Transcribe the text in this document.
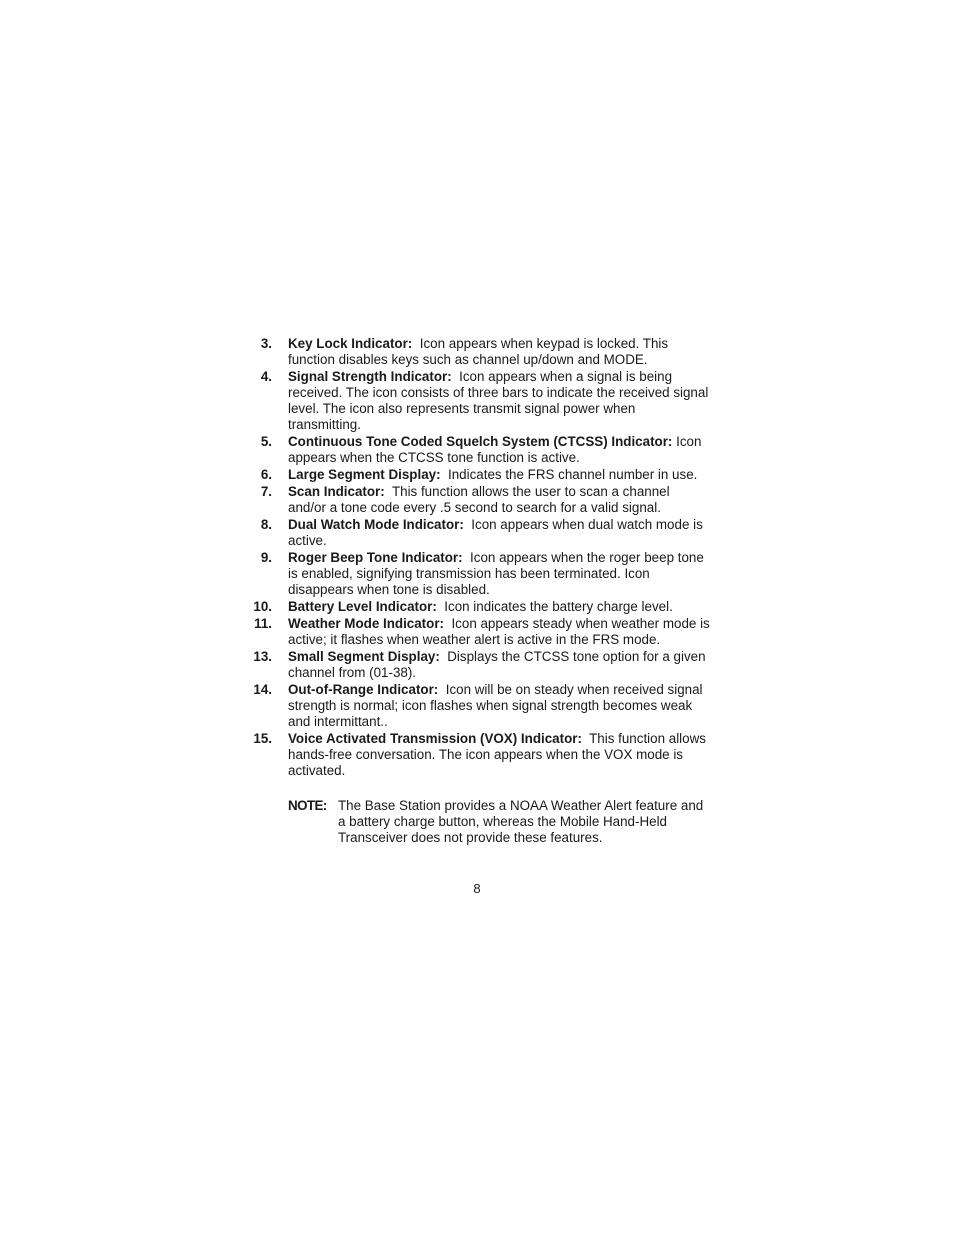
3. Key Lock Indicator: Icon appears when keypad is locked. This function disables keys such as channel up/down and MODE.
4. Signal Strength Indicator: Icon appears when a signal is being received. The icon consists of three bars to indicate the received signal level. The icon also represents transmit signal power when transmitting.
5. Continuous Tone Coded Squelch System (CTCSS) Indicator: Icon appears when the CTCSS tone function is active.
6. Large Segment Display: Indicates the FRS channel number in use.
7. Scan Indicator: This function allows the user to scan a channel and/or a tone code every .5 second to search for a valid signal.
8. Dual Watch Mode Indicator: Icon appears when dual watch mode is active.
9. Roger Beep Tone Indicator: Icon appears when the roger beep tone is enabled, signifying transmission has been terminated. Icon disappears when tone is disabled.
10. Battery Level Indicator: Icon indicates the battery charge level.
11. Weather Mode Indicator: Icon appears steady when weather mode is active; it flashes when weather alert is active in the FRS mode.
13. Small Segment Display: Displays the CTCSS tone option for a given channel from (01-38).
14. Out-of-Range Indicator: Icon will be on steady when received signal strength is normal; icon flashes when signal strength becomes weak and intermittant..
15. Voice Activated Transmission (VOX) Indicator: This function allows hands-free conversation. The icon appears when the VOX mode is activated.
NOTE: The Base Station provides a NOAA Weather Alert feature and a battery charge button, whereas the Mobile Hand-Held Transceiver does not provide these features.
8
